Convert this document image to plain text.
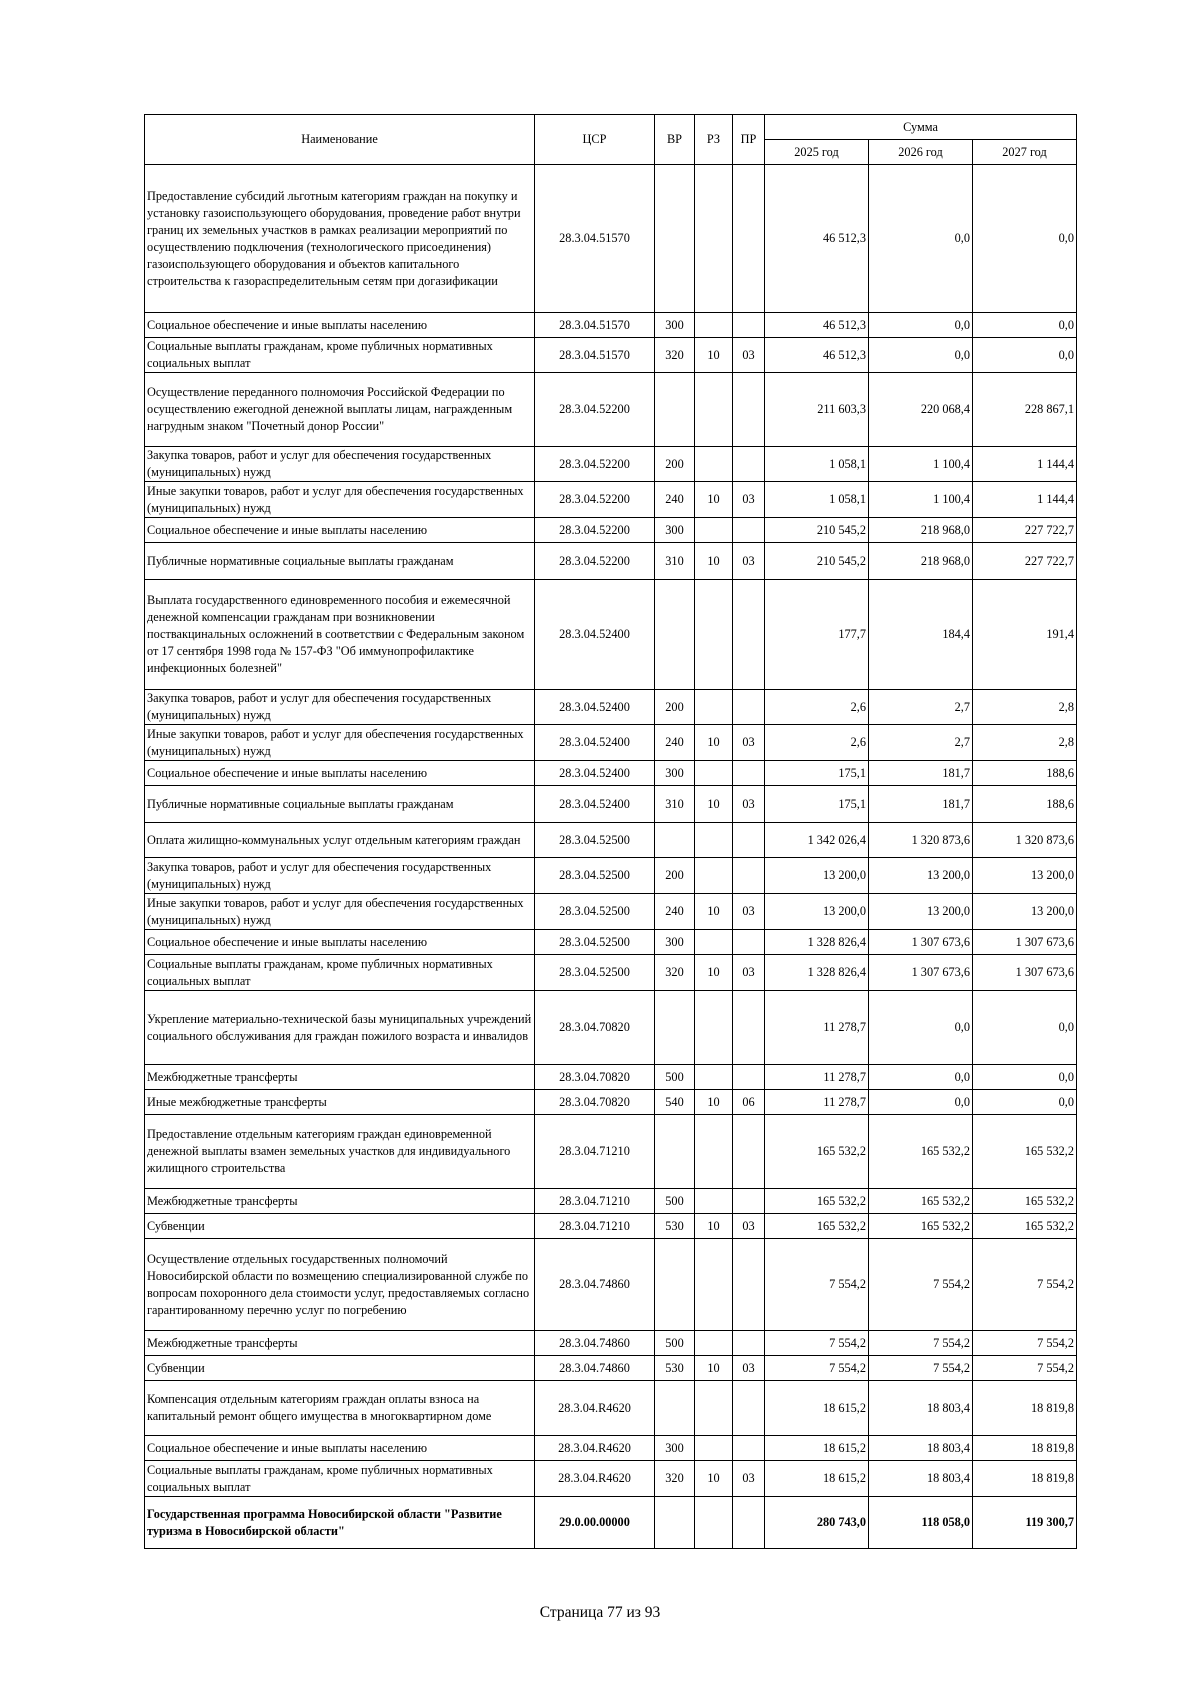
Наименование	ЦСР	ВР	РЗ	ПР	Сумма		
					2025 год	2026 год	2027 год
Предоставление субсидий льготным категориям граждан на покупку и установку газоиспользующего оборудования, проведение работ внутри границ их земельных участков в рамках реализации мероприятий по осуществлению подключения (технологического присоединения) газоиспользующего оборудования и объектов капитального строительства к газораспределительным сетям при догазификации	28.3.04.51570				46 512,3	0,0	0,0
Социальное обеспечение и иные выплаты населению	28.3.04.51570	300			46 512,3	0,0	0,0
Социальные выплаты гражданам, кроме публичных нормативных социальных выплат	28.3.04.51570	320	10	03	46 512,3	0,0	0,0
Осуществление переданного полномочия Российской Федерации по осуществлению ежегодной денежной выплаты лицам, награжденным нагрудным знаком "Почетный донор России"	28.3.04.52200				211 603,3	220 068,4	228 867,1
Закупка товаров, работ и услуг для обеспечения государственных (муниципальных) нужд	28.3.04.52200	200			1 058,1	1 100,4	1 144,4
Иные закупки товаров, работ и услуг для обеспечения государственных (муниципальных) нужд	28.3.04.52200	240	10	03	1 058,1	1 100,4	1 144,4
Социальное обеспечение и иные выплаты населению	28.3.04.52200	300			210 545,2	218 968,0	227 722,7
Публичные нормативные социальные выплаты гражданам	28.3.04.52200	310	10	03	210 545,2	218 968,0	227 722,7
Выплата государственного единовременного пособия и ежемесячной денежной компенсации гражданам при возникновении поствакцинальных осложнений в соответствии с Федеральным законом от 17 сентября 1998 года № 157-ФЗ "Об иммунопрофилактике инфекционных болезней"	28.3.04.52400				177,7	184,4	191,4
Закупка товаров, работ и услуг для обеспечения государственных (муниципальных) нужд	28.3.04.52400	200			2,6	2,7	2,8
Иные закупки товаров, работ и услуг для обеспечения государственных (муниципальных) нужд	28.3.04.52400	240	10	03	2,6	2,7	2,8
Социальное обеспечение и иные выплаты населению	28.3.04.52400	300			175,1	181,7	188,6
Публичные нормативные социальные выплаты гражданам	28.3.04.52400	310	10	03	175,1	181,7	188,6
Оплата жилищно-коммунальных услуг отдельным категориям граждан	28.3.04.52500				1 342 026,4	1 320 873,6	1 320 873,6
Закупка товаров, работ и услуг для обеспечения государственных (муниципальных) нужд	28.3.04.52500	200			13 200,0	13 200,0	13 200,0
Иные закупки товаров, работ и услуг для обеспечения государственных (муниципальных) нужд	28.3.04.52500	240	10	03	13 200,0	13 200,0	13 200,0
Социальное обеспечение и иные выплаты населению	28.3.04.52500	300			1 328 826,4	1 307 673,6	1 307 673,6
Социальные выплаты гражданам, кроме публичных нормативных социальных выплат	28.3.04.52500	320	10	03	1 328 826,4	1 307 673,6	1 307 673,6
Укрепление материально-технической базы муниципальных учреждений социального обслуживания для граждан пожилого возраста и инвалидов	28.3.04.70820				11 278,7	0,0	0,0
Межбюджетные трансферты	28.3.04.70820	500			11 278,7	0,0	0,0
Иные межбюджетные трансферты	28.3.04.70820	540	10	06	11 278,7	0,0	0,0
Предоставление отдельным категориям граждан единовременной денежной выплаты взамен земельных участков для индивидуального жилищного строительства	28.3.04.71210				165 532,2	165 532,2	165 532,2
Межбюджетные трансферты	28.3.04.71210	500			165 532,2	165 532,2	165 532,2
Субвенции	28.3.04.71210	530	10	03	165 532,2	165 532,2	165 532,2
Осуществление отдельных государственных полномочий Новосибирской области по возмещению специализированной службе по вопросам похоронного дела стоимости услуг, предоставляемых согласно гарантированному перечню услуг по погребению	28.3.04.74860				7 554,2	7 554,2	7 554,2
Межбюджетные трансферты	28.3.04.74860	500			7 554,2	7 554,2	7 554,2
Субвенции	28.3.04.74860	530	10	03	7 554,2	7 554,2	7 554,2
Компенсация отдельным категориям граждан оплаты взноса на капитальный ремонт общего имущества в многоквартирном доме	28.3.04.R4620				18 615,2	18 803,4	18 819,8
Социальное обеспечение и иные выплаты населению	28.3.04.R4620	300			18 615,2	18 803,4	18 819,8
Социальные выплаты гражданам, кроме публичных нормативных социальных выплат	28.3.04.R4620	320	10	03	18 615,2	18 803,4	18 819,8
Государственная программа Новосибирской области "Развитие туризма в Новосибирской области"	29.0.00.00000				280 743,0	118 058,0	119 300,7
Страница 77 из 93
